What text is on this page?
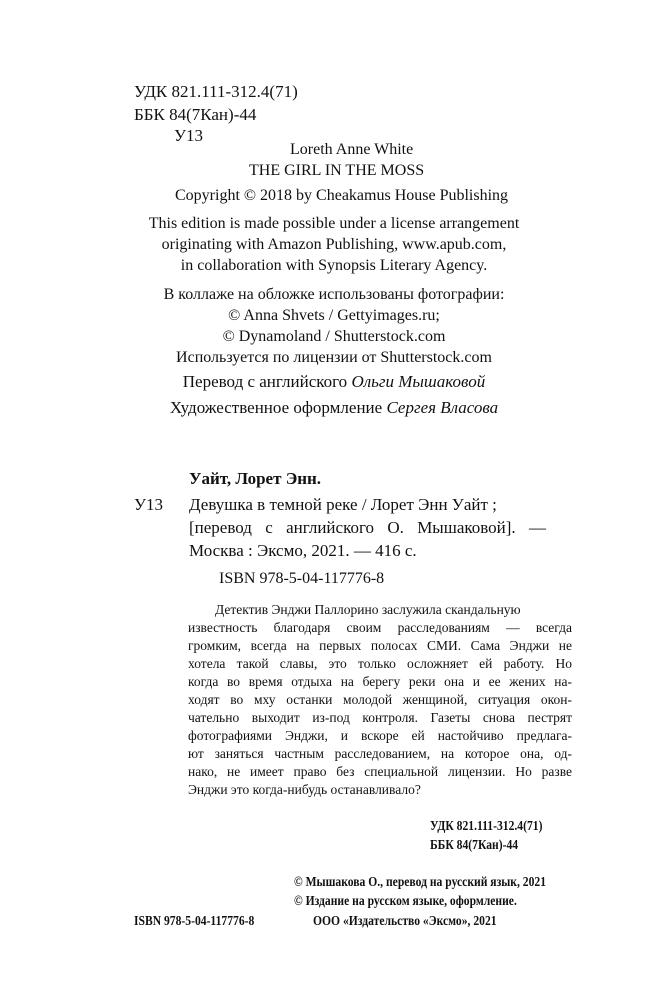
УДК 821.111-312.4(71)
ББК 84(7Кан)-44
У13
Loreth Anne White
THE GIRL IN THE MOSS
Copyright © 2018 by Cheakamus House Publishing
This edition is made possible under a license arrangement
originating with Amazon Publishing, www.apub.com,
in collaboration with Synopsis Literary Agency.
В коллаже на обложке использованы фотографии:
© Anna Shvets / Gettyimages.ru;
© Dynamoland / Shutterstock.com
Используется по лицензии от Shutterstock.com
Перевод с английского Ольги Мышаковой
Художественное оформление Сергея Власова
Уайт, Лорет Энн.
У13 Девушка в темной реке / Лорет Энн Уайт ;
[перевод с английского О. Мышаковой]. —
Москва : Эксмо, 2021. — 416 с.
ISBN 978-5-04-117776-8
Детектив Энджи Паллорино заслужила скандальную
известность благодаря своим расследованиям — всегда
громким, всегда на первых полосах СМИ. Сама Энджи не
хотела такой славы, это только осложняет ей работу. Но
когда во время отдыха на берегу реки она и ее жених на-
ходят во мху останки молодой женщиной, ситуация окон-
чательно выходит из-под контроля. Газеты снова пестрят
фотографиями Энджи, и вскоре ей настойчиво предлага-
ют заняться частным расследованием, на которое она, од-
нако, не имеет право без специальной лицензии. Но разве
Энджи это когда-нибудь останавливало?
УДК 821.111-312.4(71)
ББК 84(7Кан)-44
© Мышакова О., перевод на русский язык, 2021
© Издание на русском языке, оформление.
ISBN 978-5-04-117776-8	ООО «Издательство «Эксмо», 2021
